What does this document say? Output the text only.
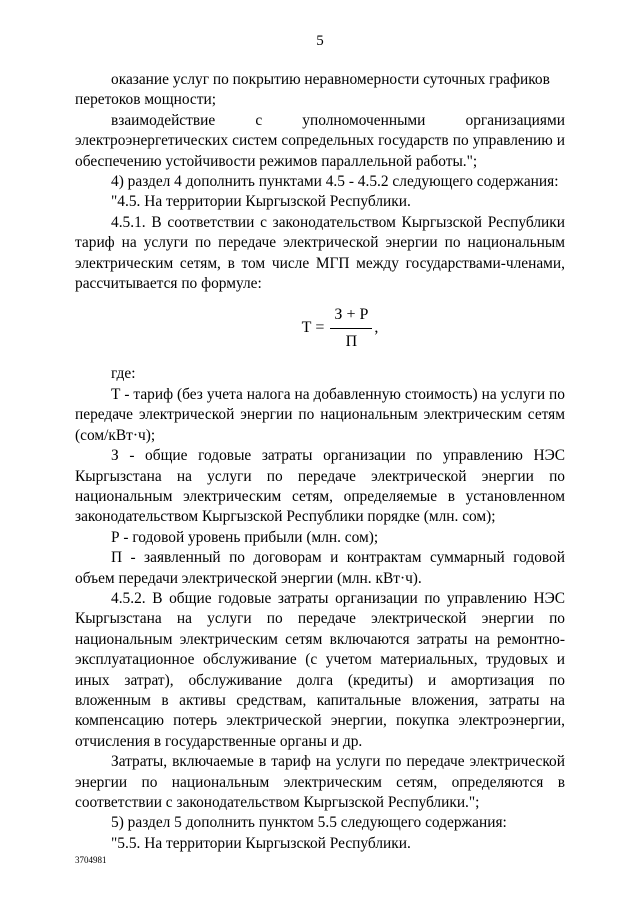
5

оказание услуг по покрытию неравномерности суточных графиков

перетоков мощности;

взаимодействие	с	уполномоченными	организациями

электроэнергетических систем сопредельных государств по управлению и обеспечению устойчивости режимов параллельной работы.";

4) раздел 4 дополнить пунктами 4.5 - 4.5.2 следующего содержания:

"4.5. На территории Кыргызской Республики.

4.5.1. В соответствии с законодательством Кыргызской Республики тариф на услуги по передаче электрической энергии по национальным электрическим сетям, в том числе МГП между государствами-членами, рассчитывается по формуле:

$Т = \frac{З + Р}{П}$ ,

где:

Т - тариф (без учета налога на добавленную стоимость) на услуги по передаче электрической энергии по национальным электрическим сетям (сом/кВт·ч);

З - общие годовые затраты организации по управлению НЭС Кыргызстана на услуги по передаче электрической энергии по национальным электрическим сетям, определяемые в установленном законодательством Кыргызской Республики порядке (млн. сом);

Р - годовой уровень прибыли (млн. сом);

П - заявленный по договорам и контрактам суммарный годовой объем передачи электрической энергии (млн. кВт·ч).

4.5.2. В общие годовые затраты организации по управлению НЭС Кыргызстана на услуги по передаче электрической энергии по национальным электрическим сетям включаются затраты на ремонтно-эксплуатационное обслуживание (с учетом материальных, трудовых и иных затрат), обслуживание долга (кредиты) и амортизация по вложенным в активы средствам, капитальные вложения, затраты на компенсацию потерь электрической энергии, покупка электроэнергии, отчисления в государственные органы и др.

Затраты, включаемые в тариф на услуги по передаче электрической энергии по национальным электрическим сетям, определяются в соответствии с законодательством Кыргызской Республики.";

5) раздел 5 дополнить пунктом 5.5 следующего содержания:

"5.5. На территории Кыргызской Республики.

3704981
